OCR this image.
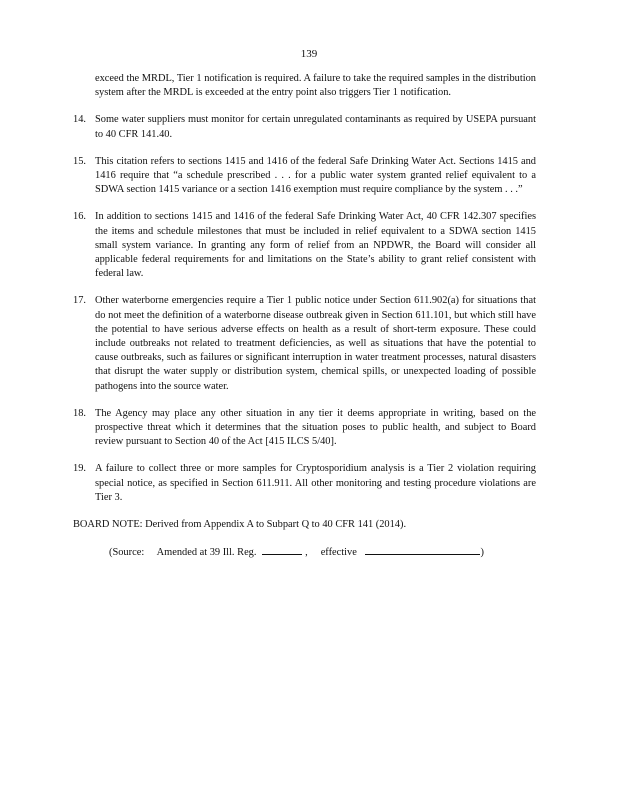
139
exceed the MRDL, Tier 1 notification is required. A failure to take the required samples in the distribution system after the MRDL is exceeded at the entry point also triggers Tier 1 notification.
14. Some water suppliers must monitor for certain unregulated contaminants as required by USEPA pursuant to 40 CFR 141.40.
15. This citation refers to sections 1415 and 1416 of the federal Safe Drinking Water Act. Sections 1415 and 1416 require that “a schedule prescribed . . . for a public water system granted relief equivalent to a SDWA section 1415 variance or a section 1416 exemption must require compliance by the system . . .”
16. In addition to sections 1415 and 1416 of the federal Safe Drinking Water Act, 40 CFR 142.307 specifies the items and schedule milestones that must be included in relief equivalent to a SDWA section 1415 small system variance. In granting any form of relief from an NPDWR, the Board will consider all applicable federal requirements for and limitations on the State’s ability to grant relief consistent with federal law.
17. Other waterborne emergencies require a Tier 1 public notice under Section 611.902(a) for situations that do not meet the definition of a waterborne disease outbreak given in Section 611.101, but which still have the potential to have serious adverse effects on health as a result of short-term exposure. These could include outbreaks not related to treatment deficiencies, as well as situations that have the potential to cause outbreaks, such as failures or significant interruption in water treatment processes, natural disasters that disrupt the water supply or distribution system, chemical spills, or unexpected loading of possible pathogens into the source water.
18. The Agency may place any other situation in any tier it deems appropriate in writing, based on the prospective threat which it determines that the situation poses to public health, and subject to Board review pursuant to Section 40 of the Act [415 ILCS 5/40].
19. A failure to collect three or more samples for Cryptosporidium analysis is a Tier 2 violation requiring special notice, as specified in Section 611.911. All other monitoring and testing procedure violations are Tier 3.
BOARD NOTE: Derived from Appendix A to Subpart Q to 40 CFR 141 (2014).
(Source: Amended at 39 Ill. Reg.	, effective	)
